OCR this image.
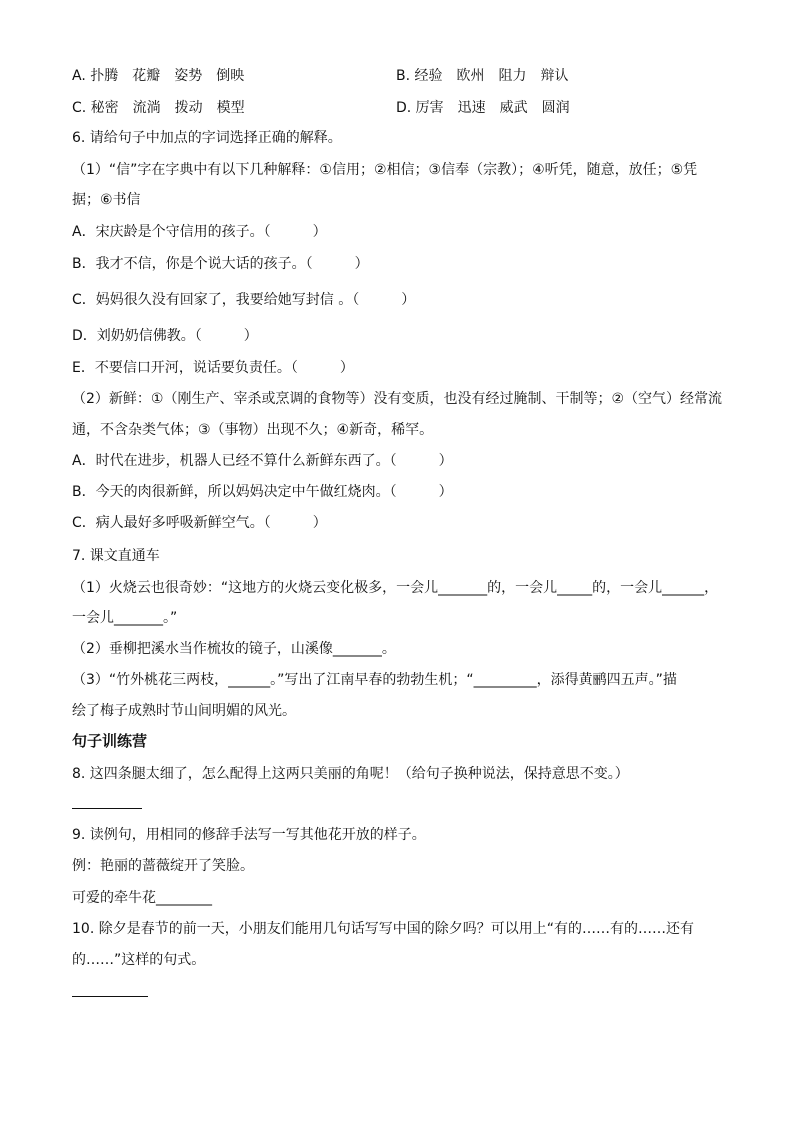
A. 扑腾　花瓣　姿势　倒映	B. 经验　欧州　阻力　辩认
C. 秘密　流淌　拨动　模型	D. 厉害　迅速　威武　圆润
6. 请给句子中加点的字词选择正确的解释。
（1）“信”字在字典中有以下几种解释：①信用；②相信；③信奉（宗教）；④听凭，随意，放任；⑤凭
据；⑥书信
A．宋庆龄是个守信用的孩子。（　　　）
B．我才不信，你是个说大话的孩子。（　　　）
C．妈妈很久没有回家了，我要给她写封信 。（　　　）
D．刘奶奶信佛教。（　　　）
E．不要信口开河，说话要负责任。（　　　）
（2）新鲜：①（刚生产、宰杀或烹调的食物等）没有变质，也没有经过腌制、干制等；②（空气）经常流
通，不含杂类气体；③（事物）出现不久；④新奇，稀罕。
A．时代在进步，机器人已经不算什么新鲜东西了。（　　　）
B．今天的肉很新鲜，所以妈妈决定中午做红烧肉。（　　　）
C．病人最好多呼吸新鲜空气。（　　　）
7. 课文直通车
（1）火烧云也很奇妙：“这地方的火烧云变化极多，一会儿_______的，一会儿_____的，一会儿______，
一会儿_______。”
（2）垂柳把溪水当作梳妆的镜子，山溪像_______。
（3）“竹外桃花三两枝，______。”写出了江南早春的勃勃生机；“_________，添得黄鹂四五声。”描
绘了梅子成熟时节山间明媚的风光。
句子训练营
8. 这四条腿太细了，怎么配得上这两只美丽的角呢！（给句子换种说法，保持意思不变。）
9. 读例句，用相同的修辞手法写一写其他花开放的样子。
例：艳丽的蔷薇绽开了笑脸。
可爱的牵牛花________
10. 除夕是春节的前一天，小朋友们能用几句话写写中国的除夕吗？可以用上“有的……有的……还有
的……”这样的句式。
